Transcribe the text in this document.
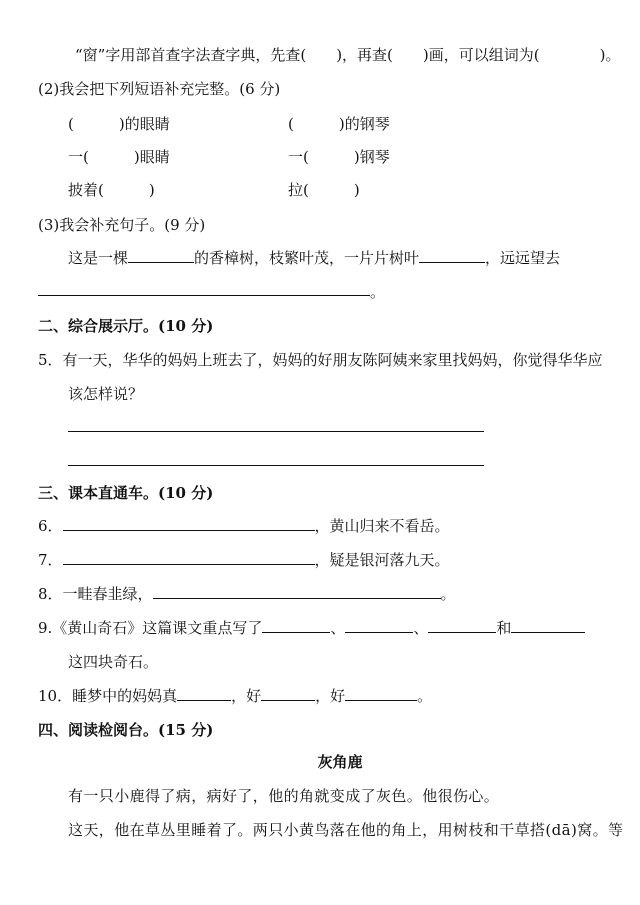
“窗”字用部首查字法查字典，先查(　　)，再查(　　)画，可以组词为(　　　　)。
(2)我会把下列短语补充完整。(6 分)
(　　　)的眼睛	(　　　)的钢琴
一(　　　)眼睛	一(　　　)钢琴
披着(　　　)	拉(　　　)
(3)我会补充句子。(9 分)
这是一棵	的香樟树，枝繁叶茂，一片片树叶	，远远望去
。
二、综合展示厅。(10 分)
5．有一天，华华的妈妈上班去了，妈妈的好朋友陈阿姨来家里找妈妈，你觉得华华应
该怎样说？
三、课本直通车。(10 分)
6．	，黄山归来不看岳。
7．	，疑是银河落九天。
8．一畦春韭绿，	。
9.《黄山奇石》这篇课文重点写了	、	、	和
这四块奇石。
10．睡梦中的妈妈真	，好	，好	。
四、阅读检阅台。(15 分)
灰角鹿
有一只小鹿得了病，病好了，他的角就变成了灰色。他很伤心。
这天，他在草丛里睡着了。两只小黄鸟落在他的角上，用树枝和干草搭(dā)窝。等
